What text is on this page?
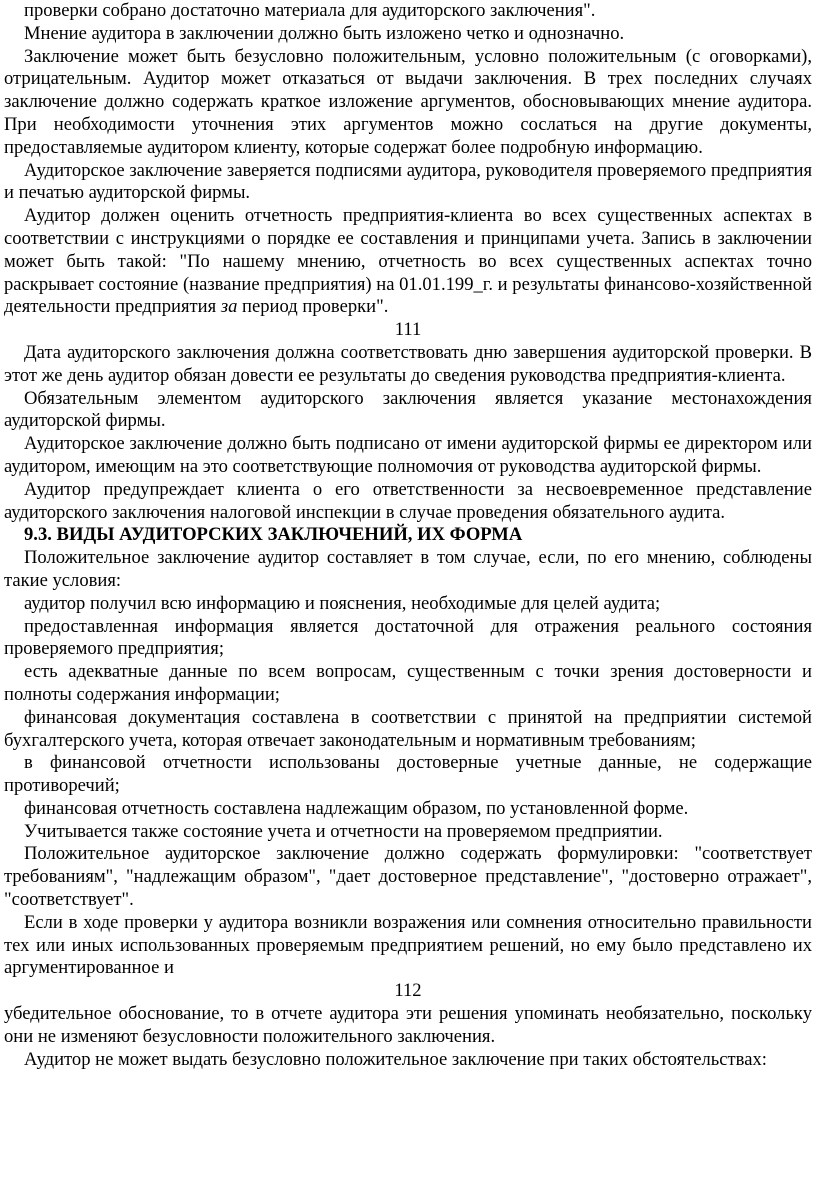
проверки собрано достаточно материала для аудиторского заключения".

Мнение аудитора в заключении должно быть изложено четко и однозначно.

Заключение может быть безусловно положительным, условно положительным (с оговорками), отрицательным. Аудитор может отказаться от выдачи заключения. В трех последних случаях заключение должно содержать краткое изложение аргументов, обосновывающих мнение аудитора. При необходимости уточнения этих аргументов можно сослаться на другие документы, предоставляемые аудитором клиенту, которые содержат более подробную информацию.

Аудиторское заключение заверяется подписями аудитора, руководителя проверяемого предприятия и печатью аудиторской фирмы.

Аудитор должен оценить отчетность предприятия-клиента во всех существенных аспектах в соответствии с инструкциями о порядке ее составления и принципами учета. Запись в заключении может быть такой: "По нашему мнению, отчетность во всех существенных аспектах точно раскрывает состояние (название предприятия) на 01.01.199_г. и результаты финансово-хозяйственной деятельности предприятия за период проверки".

111

Дата аудиторского заключения должна соответствовать дню завершения аудиторской проверки. В этот же день аудитор обязан довести ее результаты до сведения руководства предприятия-клиента.

Обязательным элементом аудиторского заключения является указание местонахождения аудиторской фирмы.

Аудиторское заключение должно быть подписано от имени аудиторской фирмы ее директором или аудитором, имеющим на это соответствующие полномочия от руководства аудиторской фирмы.

Аудитор предупреждает клиента о его ответственности за несвоевременное представление аудиторского заключения налоговой инспекции в случае проведения обязательного аудита.

9.3. ВИДЫ АУДИТОРСКИХ ЗАКЛЮЧЕНИЙ, ИХ ФОРМА

Положительное заключение аудитор составляет в том случае, если, по его мнению, соблюдены такие условия:

аудитор получил всю информацию и пояснения, необходимые для целей аудита;

предоставленная информация является достаточной для отражения реального состояния проверяемого предприятия;

есть адекватные данные по всем вопросам, существенным с точки зрения достоверности и полноты содержания информации;

финансовая документация составлена в соответствии с принятой на предприятии системой бухгалтерского учета, которая отвечает законодательным и нормативным требованиям;

в финансовой отчетности использованы достоверные учетные данные, не содержащие противоречий;

финансовая отчетность составлена надлежащим образом, по установленной форме.

Учитывается также состояние учета и отчетности на проверяемом предприятии.

Положительное аудиторское заключение должно содержать формулировки: "соответствует требованиям", "надлежащим образом", "дает достоверное представление", "достоверно отражает", "соответствует".

Если в ходе проверки у аудитора возникли возражения или сомнения относительно правильности тех или иных использованных проверяемым предприятием решений, но ему было представлено их аргументированное и

112

убедительное обоснование, то в отчете аудитора эти решения упоминать необязательно, поскольку они не изменяют безусловности положительного заключения.

Аудитор не может выдать безусловно положительное заключение при таких обстоятельствах:
